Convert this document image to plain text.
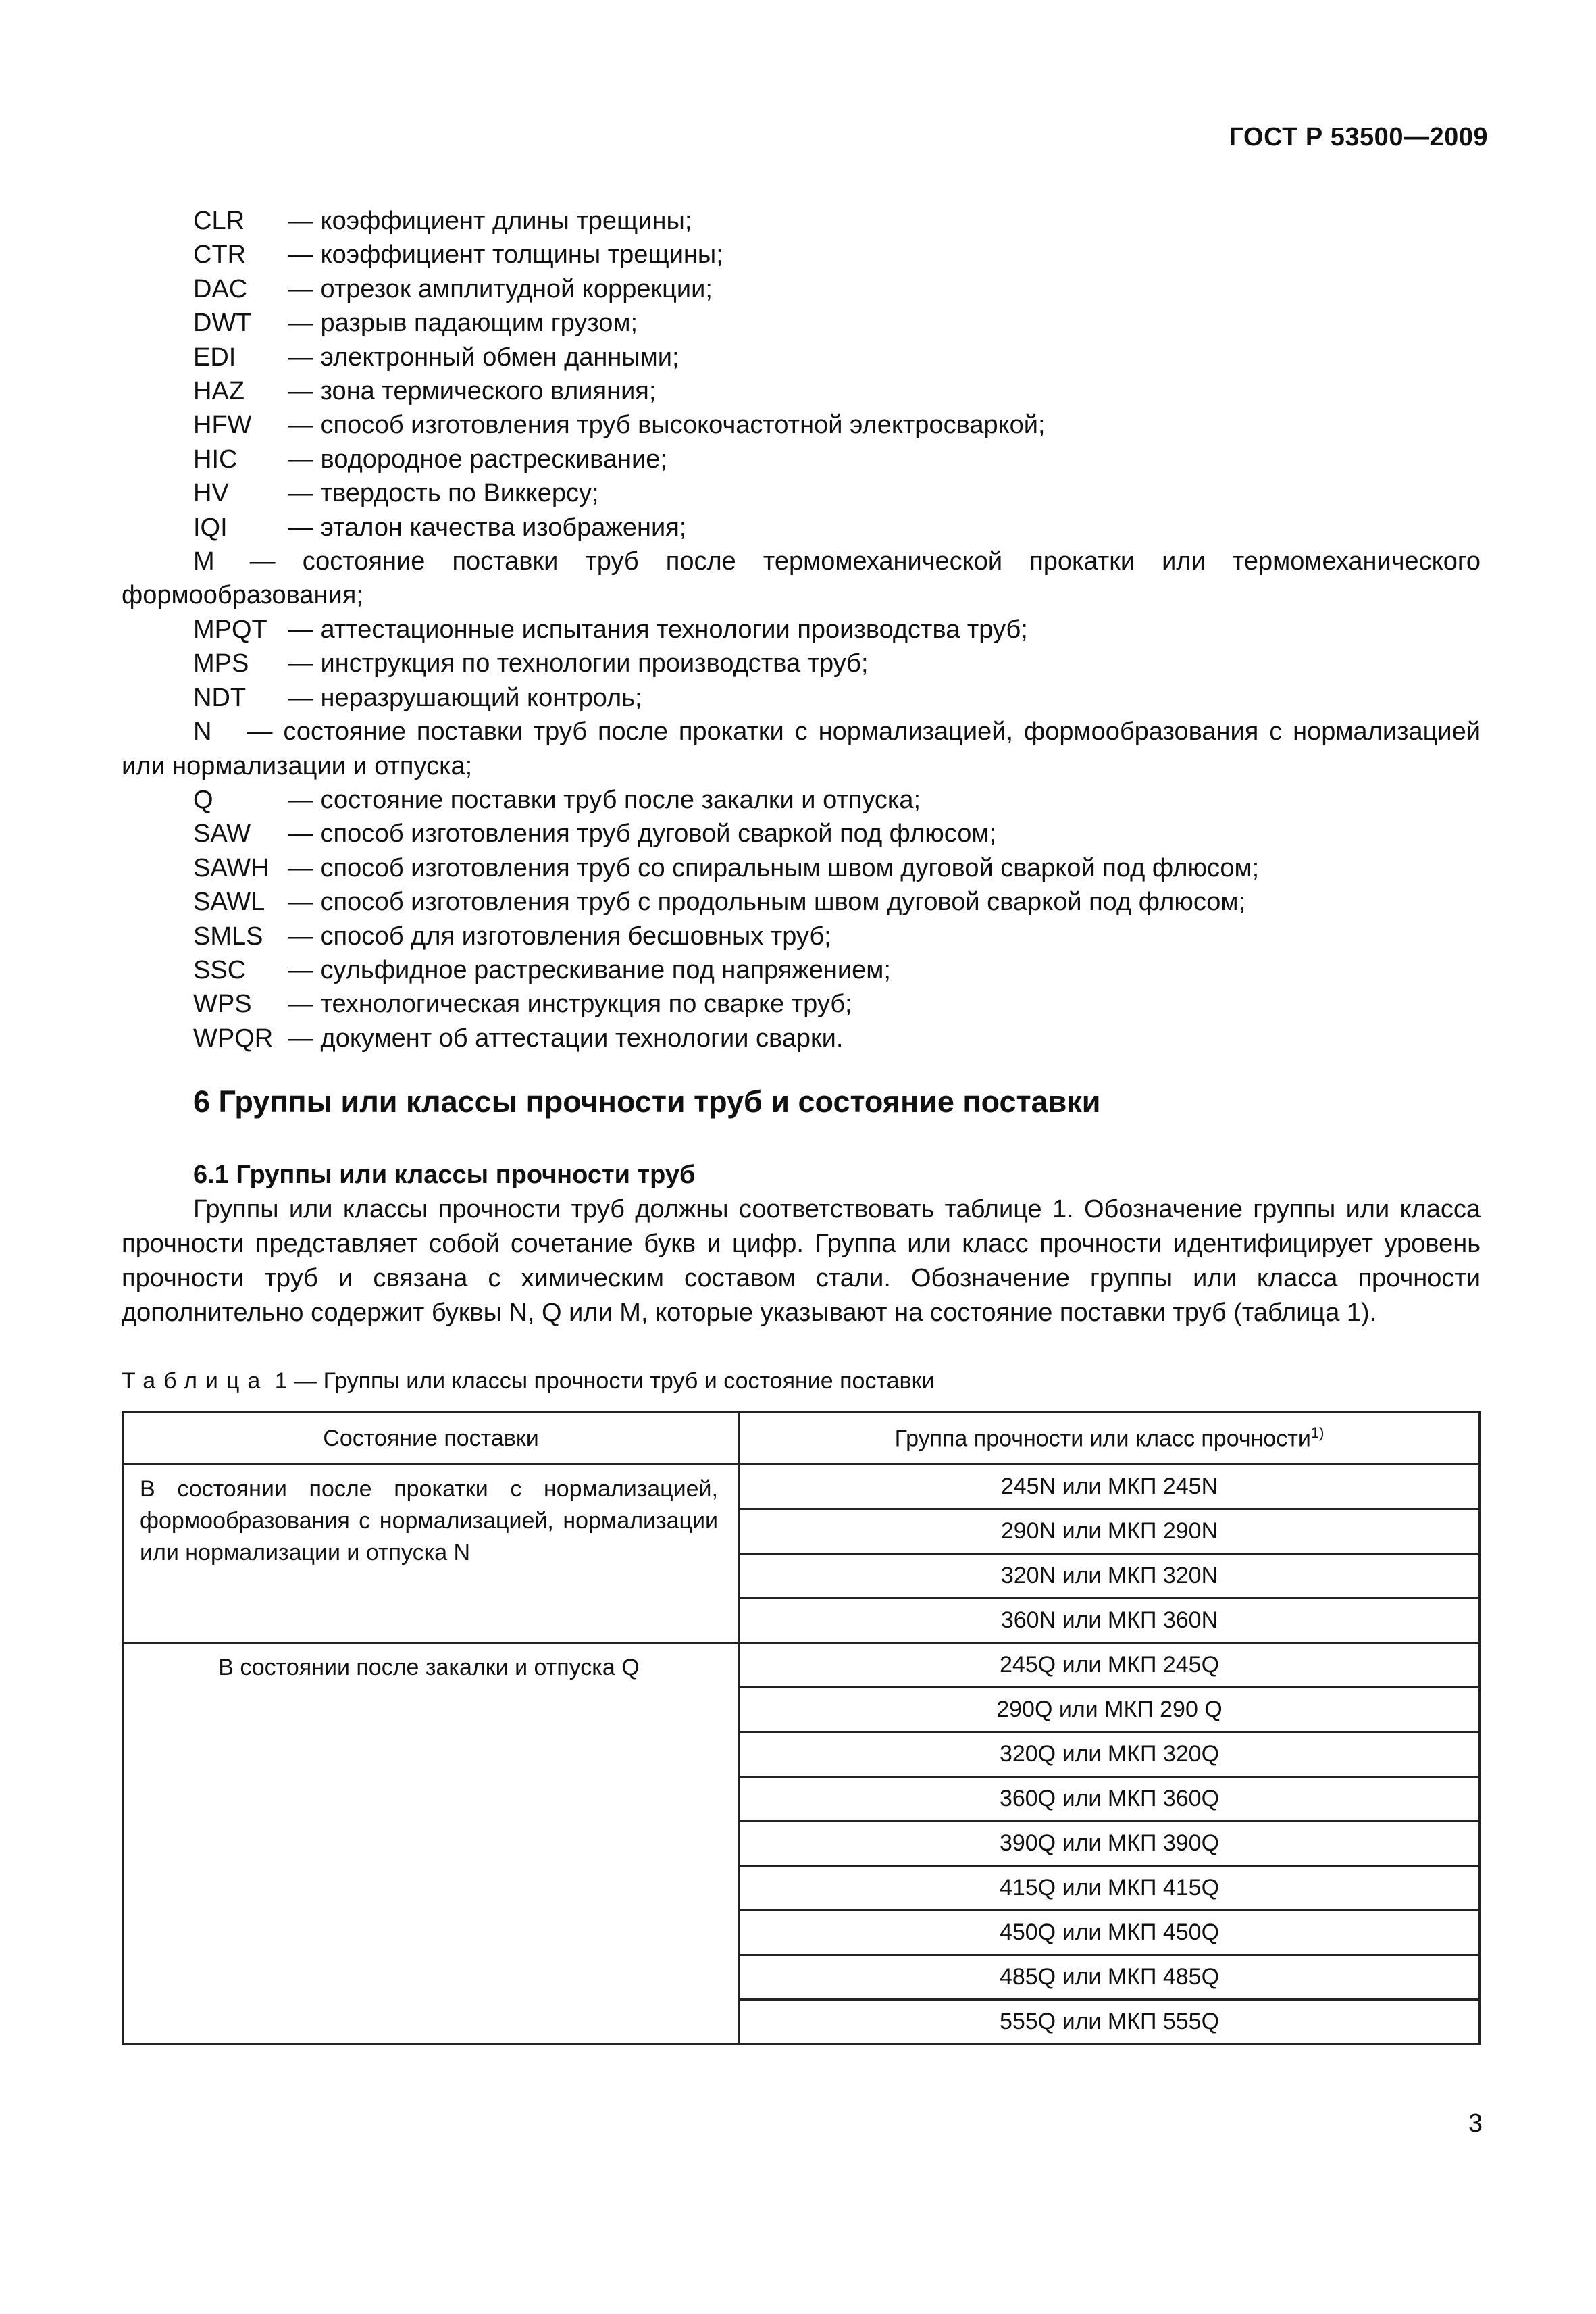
ГОСТ Р 53500—2009
CLR — коэффициент длины трещины;
CTR — коэффициент толщины трещины;
DAC — отрезок амплитудной коррекции;
DWT — разрыв падающим грузом;
EDI — электронный обмен данными;
HAZ — зона термического влияния;
HFW — способ изготовления труб высокочастотной электросваркой;
HIC — водородное растрескивание;
HV — твердость по Виккерсу;
IQI — эталон качества изображения;
M — состояние поставки труб после термомеханической прокатки или термомеханического формообразования;
MPQT — аттестационные испытания технологии производства труб;
MPS — инструкция по технологии производства труб;
NDT — неразрушающий контроль;
N — состояние поставки труб после прокатки с нормализацией, формообразования с нормализацией или нормализации и отпуска;
Q	— состояние поставки труб после закалки и отпуска;
SAW — способ изготовления труб дуговой сваркой под флюсом;
SAWH — способ изготовления труб со спиральным швом дуговой сваркой под флюсом;
SAWL — способ изготовления труб с продольным швом дуговой сваркой под флюсом;
SMLS — способ для изготовления бесшовных труб;
SSC — сульфидное растрескивание под напряжением;
WPS — технологическая инструкция по сварке труб;
WPQR — документ об аттестации технологии сварки.
6 Группы или классы прочности труб и состояние поставки
6.1 Группы или классы прочности труб
Группы или классы прочности труб должны соответствовать таблице 1. Обозначение группы или класса прочности представляет собой сочетание букв и цифр. Группа или класс прочности идентифицирует уровень прочности труб и связана с химическим составом стали. Обозначение группы или класса прочности дополнительно содержит буквы N, Q или M, которые указывают на состояние поставки труб (таблица 1).
Таблица 1 — Группы или классы прочности труб и состояние поставки
Состояние поставки	Группа прочности или класс прочности$^{1)}$
В состоянии после прокатки с нормализацией, формообразования с нормализацией, нормализации или нормализации и отпуска N	245N или МКП 245N
	290N или МКП 290N
	320N или МКП 320N
	360N или МКП 360N
В состоянии после закалки и отпуска Q	245Q или МКП 245Q
	290Q или МКП 290 Q
	320Q или МКП 320Q
	360Q или МКП 360Q
	390Q или МКП 390Q
	415Q или МКП 415Q
	450Q или МКП 450Q
	485Q или МКП 485Q
	555Q или МКП 555Q
3
